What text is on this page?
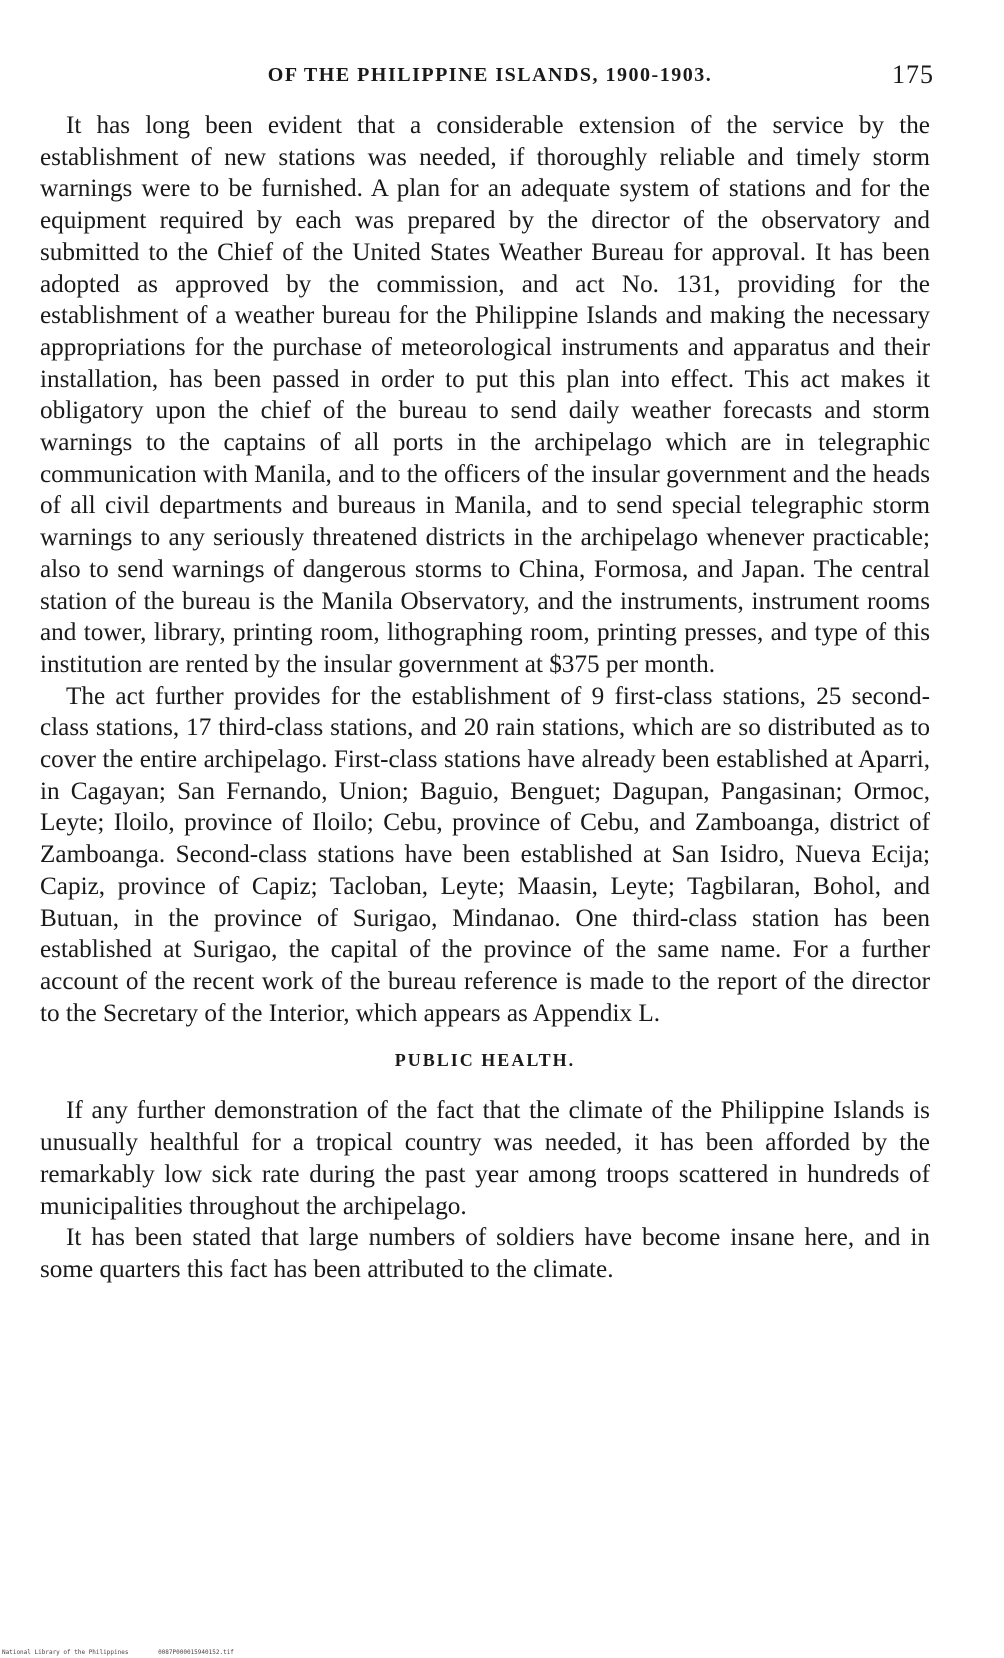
OF THE PHILIPPINE ISLANDS, 1900-1903.	175

It has long been evident that a considerable extension of the service by the establishment of new stations was needed, if thoroughly reliable and timely storm warnings were to be furnished. A plan for an adequate system of stations and for the equipment required by each was prepared by the director of the observatory and submitted to the Chief of the United States Weather Bureau for approval. It has been adopted as approved by the commission, and act No. 131, providing for the establishment of a weather bureau for the Philippine Islands and making the necessary appropriations for the purchase of meteorological instruments and apparatus and their installation, has been passed in order to put this plan into effect. This act makes it obligatory upon the chief of the bureau to send daily weather forecasts and storm warnings to the captains of all ports in the archipelago which are in telegraphic communication with Manila, and to the officers of the insular government and the heads of all civil departments and bureaus in Manila, and to send special telegraphic storm warnings to any seriously threatened districts in the archipelago whenever practicable; also to send warnings of dangerous storms to China, Formosa, and Japan. The central station of the bureau is the Manila Observatory, and the instruments, instrument rooms and tower, library, printing room, lithographing room, printing presses, and type of this institution are rented by the insular government at $375 per month.

The act further provides for the establishment of 9 first-class stations, 25 second-class stations, 17 third-class stations, and 20 rain stations, which are so distributed as to cover the entire archipelago. First-class stations have already been established at Aparri, in Cagayan; San Fernando, Union; Baguio, Benguet; Dagupan, Pangasinan; Ormoc, Leyte; Iloilo, province of Iloilo; Cebu, province of Cebu, and Zamboanga, district of Zamboanga. Second-class stations have been established at San Isidro, Nueva Ecija; Capiz, province of Capiz; Tacloban, Leyte; Maasin, Leyte; Tagbilaran, Bohol, and Butuan, in the province of Surigao, Mindanao. One third-class station has been established at Surigao, the capital of the province of the same name. For a further account of the recent work of the bureau reference is made to the report of the director to the Secretary of the Interior, which appears as Appendix L.

PUBLIC HEALTH.

If any further demonstration of the fact that the climate of the Philippine Islands is unusually healthful for a tropical country was needed, it has been afforded by the remarkably low sick rate during the past year among troops scattered in hundreds of municipalities throughout the archipelago.

It has been stated that large numbers of soldiers have become insane here, and in some quarters this fact has been attributed to the climate.

National Library of the Philippines	0087P000015940152.tif
